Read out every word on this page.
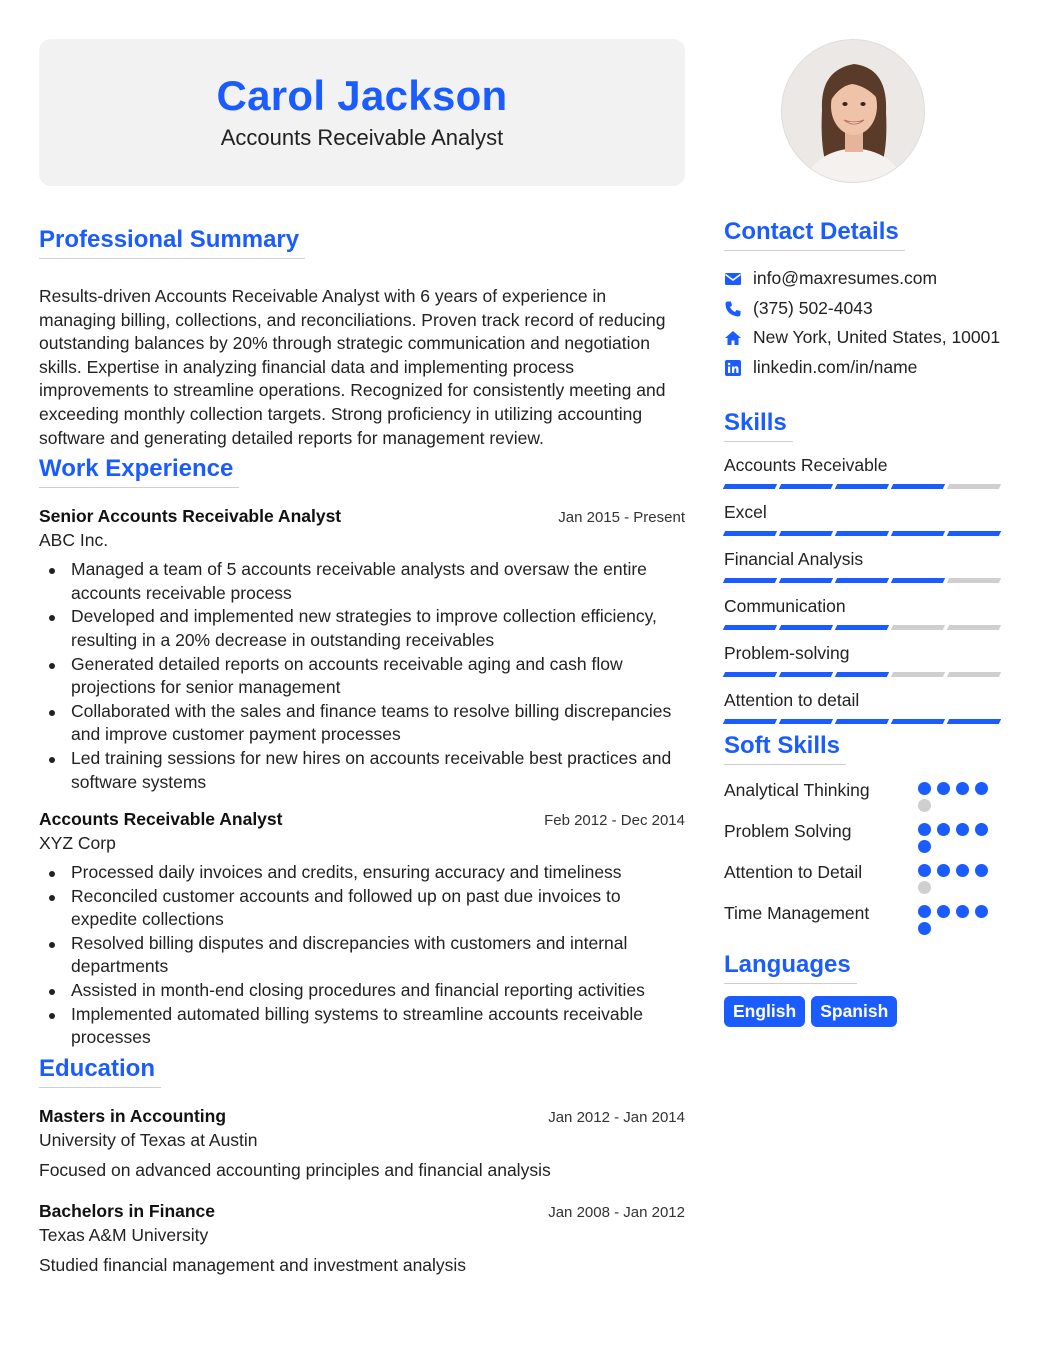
Carol Jackson
Accounts Receivable Analyst
Professional Summary

Results-driven Accounts Receivable Analyst with 6 years of experience in managing billing, collections, and reconciliations. Proven track record of reducing outstanding balances by 20% through strategic communication and negotiation skills. Expertise in analyzing financial data and implementing process improvements to streamline operations. Recognized for consistently meeting and exceeding monthly collection targets. Strong proficiency in utilizing accounting software and generating detailed reports for management review.

Work Experience
Senior Accounts Receivable Analyst	Jan 2015 - Present
ABC Inc.
Managed a team of 5 accounts receivable analysts and oversaw the entire accounts receivable process
Developed and implemented new strategies to improve collection efficiency, resulting in a 20% decrease in outstanding receivables
Generated detailed reports on accounts receivable aging and cash flow projections for senior management
Collaborated with the sales and finance teams to resolve billing discrepancies and improve customer payment processes
Led training sessions for new hires on accounts receivable best practices and software systems
Accounts Receivable Analyst	Feb 2012 - Dec 2014
XYZ Corp
Processed daily invoices and credits, ensuring accuracy and timeliness
Reconciled customer accounts and followed up on past due invoices to expedite collections
Resolved billing disputes and discrepancies with customers and internal departments
Assisted in month-end closing procedures and financial reporting activities
Implemented automated billing systems to streamline accounts receivable processes
Education
Masters in Accounting	Jan 2012 - Jan 2014
University of Texas at Austin
Focused on advanced accounting principles and financial analysis
Bachelors in Finance	Jan 2008 - Jan 2012
Texas A&M University
Studied financial management and investment analysis
Contact Details
info@maxresumes.com
(375) 502-4043
New York, United States, 10001
linkedin.com/in/name
Skills
Accounts Receivable
Excel
Financial Analysis
Communication
Problem-solving
Attention to detail
Soft Skills
Analytical Thinking
Problem Solving
Attention to Detail
Time Management
Languages
English	Spanish
